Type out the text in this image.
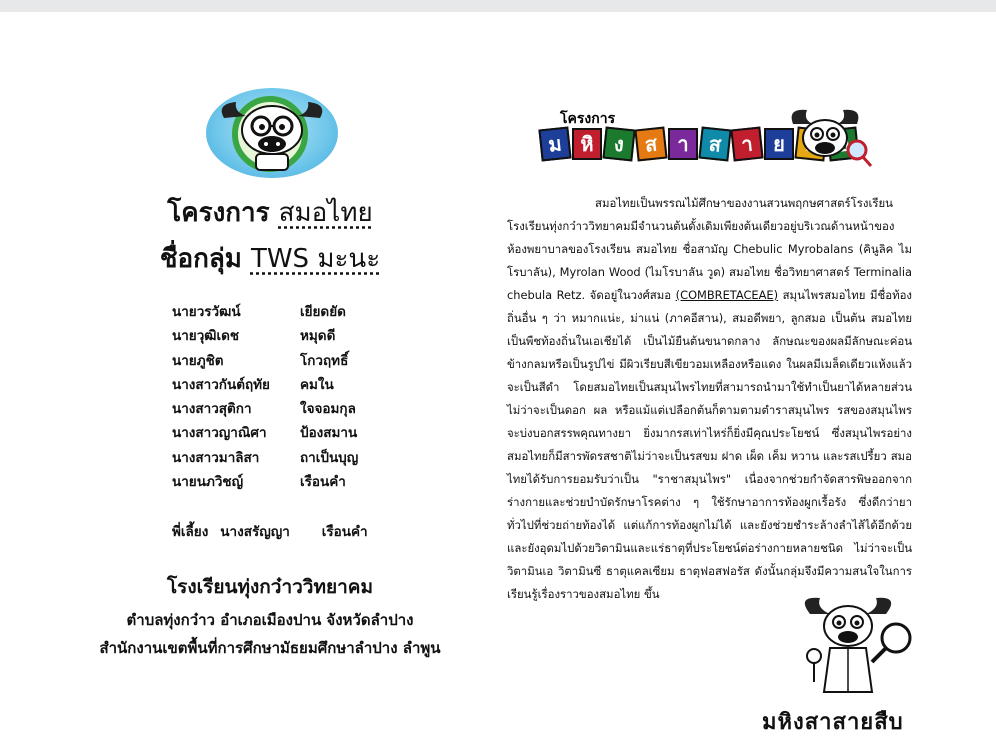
โครงการ สมอไทย
ชื่อกลุ่ม TWS มะนะ
นายวรวัฒน์	เยียดยัด
นายวุฒิเดช	หมุดดี
นายภูชิต	โกวฤทธิ์
นางสาวกันต์ฤทัย	คมใน
นางสาวสุติกา	ใจจอมกุล
นางสาวญาณิศา	ป้องสมาน
นางสาวมาลิสา	ถาเป็นบุญ
นายนภวิชญ์	เรือนคำ
พี่เลี้ยง นางสรัญญา เรือนคำ
โรงเรียนทุ่งกว๋าววิทยาคม
ตำบลทุ่งกว๋าว อำเภอเมืองปาน จังหวัดลำปาง
สำนักงานเขตพื้นที่การศึกษามัธยมศึกษาลำปาง ลำพูน
โครงการ
ม หิ ง ส า ส า ย

สมอไทยเป็นพรรณไม้ศึกษาของงานสวนพฤกษศาสตร์โรงเรียน

โรงเรียนทุ่งกว๋าววิทยาคมมีจำนวนต้นดั้งเดิมเพียงต้นเดียวอยู่บริเวณด้านหน้าของห้องพยาบาลของโรงเรียน สมอไทย ชื่อสามัญ Chebulic Myrobalans (คินูลิค ไมโรบาลัน), Myrolan Wood (ไมโรบาลัน วูด) สมอไทย ชื่อวิทยาศาสตร์ Terminalia chebula Retz. จัดอยู่ในวงศ์สมอ (COMBRETACEAE) สมุนไพรสมอไทย มีชื่อท้องถิ่นอื่น ๆ ว่า หมากแน่ะ, ม่าแน่ (ภาคอีสาน), สมอดีพยา, ลูกสมอ เป็นต้น สมอไทย เป็นพืชท้องถิ่นในเอเชียได้ เป็นไม้ยืนต้นขนาดกลาง ลักษณะของผลมีลักษณะค่อนข้างกลมหรือเป็นรูปไข่ มีผิวเรียบสีเขียวอมเหลืองหรือแดง ในผลมีเมล็ดเดียวแห้งแล้วจะเป็นสีดำ โดยสมอไทยเป็นสมุนไพรไทยที่สามารถนำมาใช้ทำเป็นยาได้หลายส่วนไม่ว่าจะเป็นดอก ผล หรือแม้แต่เปลือกต้นก็ตามตามตำราสมุนไพร รสของสมุนไพรจะบ่งบอกสรรพคุณทางยา ยิ่งมากรสเท่าไหร่ก็ยิ่งมีคุณประโยชน์ ซึ่งสมุนไพรอย่างสมอไทยก็มีสารพัดรสชาติไม่ว่าจะเป็นรสขม ฝาด เผ็ด เค็ม หวาน และรสเปรี้ยว สมอไทยได้รับการยอมรับว่าเป็น "ราชาสมุนไพร" เนื่องจากช่วยกำจัดสารพิษออกจากร่างกายและช่วยบำบัดรักษาโรคต่าง ๆ ใช้รักษาอาการท้องผูกเรื้อรัง ซึ่งดีกว่ายาทั่วไปที่ช่วยถ่ายท้องได้ แต่แก้การท้องผูกไม่ได้ และยังช่วยชำระล้างลำไส้ได้อีกด้วย และยังอุดมไปด้วยวิตามินและแร่ธาตุที่ประโยชน์ต่อร่างกายหลายชนิด ไม่ว่าจะเป็น วิตามินเอ วิตามินซี ธาตุแคลเซียม ธาตุฟอสฟอรัส ดังนั้นกลุ่มจึงมีความสนใจในการเรียนรู้เรื่องราวของสมอไทย ขึ้น

มหิงสาสายสืบ
